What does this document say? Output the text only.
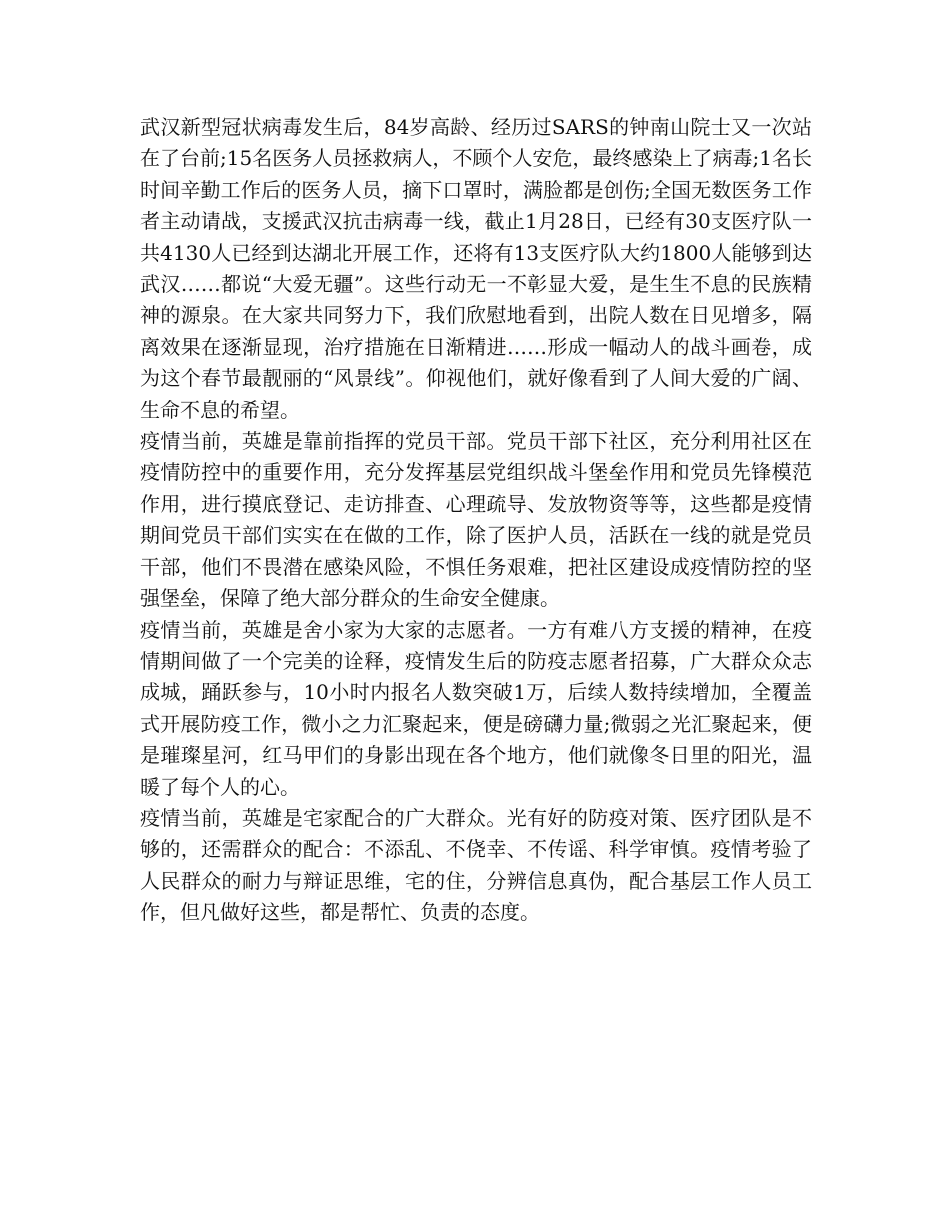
武汉新型冠状病毒发生后，84岁高龄、经历过SARS的钟南山院士又一次站在了台前;15名医务人员拯救病人，不顾个人安危，最终感染上了病毒;1名长时间辛勤工作后的医务人员，摘下口罩时，满脸都是创伤;全国无数医务工作者主动请战，支援武汉抗击病毒一线，截止1月28日，已经有30支医疗队一共4130人已经到达湖北开展工作，还将有13支医疗队大约1800人能够到达武汉……都说“大爱无疆”。这些行动无一不彰显大爱，是生生不息的民族精神的源泉。在大家共同努力下，我们欣慰地看到，出院人数在日见增多，隔离效果在逐渐显现，治疗措施在日渐精进……形成一幅动人的战斗画卷，成为这个春节最靓丽的“风景线”。仰视他们，就好像看到了人间大爱的广阔、生命不息的希望。

疫情当前，英雄是靠前指挥的党员干部。党员干部下社区，充分利用社区在疫情防控中的重要作用，充分发挥基层党组织战斗堡垒作用和党员先锋模范作用，进行摸底登记、走访排查、心理疏导、发放物资等等，这些都是疫情期间党员干部们实实在在做的工作，除了医护人员，活跃在一线的就是党员干部，他们不畏潜在感染风险，不惧任务艰难，把社区建设成疫情防控的坚强堡垒，保障了绝大部分群众的生命安全健康。

疫情当前，英雄是舍小家为大家的志愿者。一方有难八方支援的精神，在疫情期间做了一个完美的诠释，疫情发生后的防疫志愿者招募，广大群众众志成城，踊跃参与，10小时内报名人数突破1万，后续人数持续增加，全覆盖式开展防疫工作，微小之力汇聚起来，便是磅礴力量;微弱之光汇聚起来，便是璀璨星河，红马甲们的身影出现在各个地方，他们就像冬日里的阳光，温暖了每个人的心。

疫情当前，英雄是宅家配合的广大群众。光有好的防疫对策、医疗团队是不够的，还需群众的配合：不添乱、不侥幸、不传谣、科学审慎。疫情考验了人民群众的耐力与辩证思维，宅的住，分辨信息真伪，配合基层工作人员工作，但凡做好这些，都是帮忙、负责的态度。
